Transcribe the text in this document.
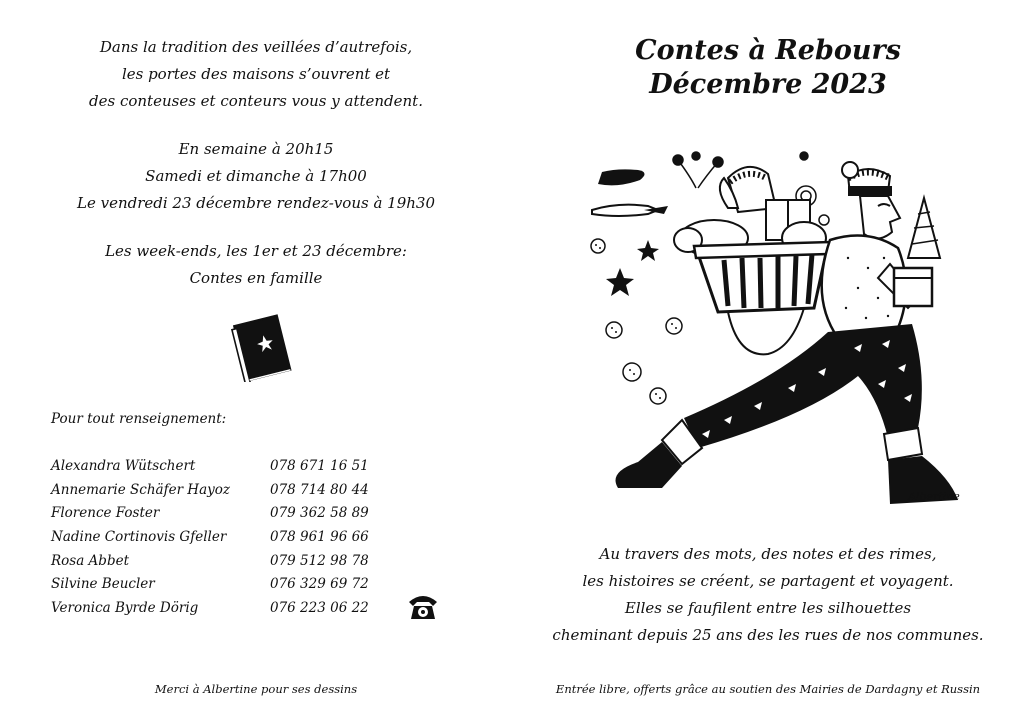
Dans la tradition des veillées d’autrefois,
les portes des maisons s’ouvrent et
des conteuses et conteurs vous y attendent.
En semaine à 20h15
Samedi et dimanche à 17h00
Le vendredi 23 décembre rendez-vous à 19h30
Les week-ends, les 1er et 23 décembre:
Contes en famille
Pour tout renseignement:
Alexandra Wütschert	078 671 16 51
Annemarie Schäfer Hayoz	078 714 80 44
Florence Foster	079 362 58 89
Nadine Cortinovis Gfeller	078 961 96 66
Rosa Abbet	079 512 98 78
Silvine Beucler	076 329 69 72
Veronica Byrde Dörig	076 223 06 22
Merci à Albertine pour ses dessins
Contes à Rebours
Décembre 2023
Albertine
Au travers des mots, des notes et des rimes,
les histoires se créent, se partagent et voyagent.
Elles se faufilent entre les silhouettes
cheminant depuis 25 ans des les rues de nos communes.
Entrée libre, offerts grâce au soutien des Mairies de Dardagny et Russin
